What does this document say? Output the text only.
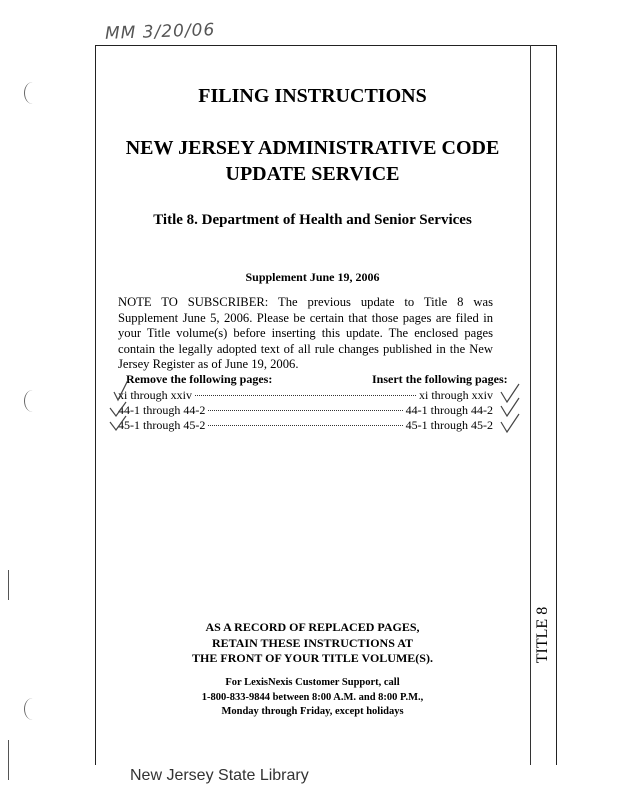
MM 3/20/06
FILING INSTRUCTIONS
NEW JERSEY ADMINISTRATIVE CODE
UPDATE SERVICE
Title 8. Department of Health and Senior Services
Supplement June 19, 2006
NOTE TO SUBSCRIBER: The previous update to Title 8 was Supplement June 5, 2006. Please be certain that those pages are filed in your Title volume(s) before inserting this update. The enclosed pages contain the legally adopted text of all rule changes published in the New Jersey Register as of June 19, 2006.
Remove the following pages:	Insert the following pages:
xi through xxiv	xi through xxiv
44-1 through 44-2	44-1 through 44-2
45-1 through 45-2	45-1 through 45-2
AS A RECORD OF REPLACED PAGES,
RETAIN THESE INSTRUCTIONS AT
THE FRONT OF YOUR TITLE VOLUME(S).
For LexisNexis Customer Support, call
1-800-833-9844 between 8:00 A.M. and 8:00 P.M.,
Monday through Friday, except holidays
TITLE 8
New Jersey State Library
